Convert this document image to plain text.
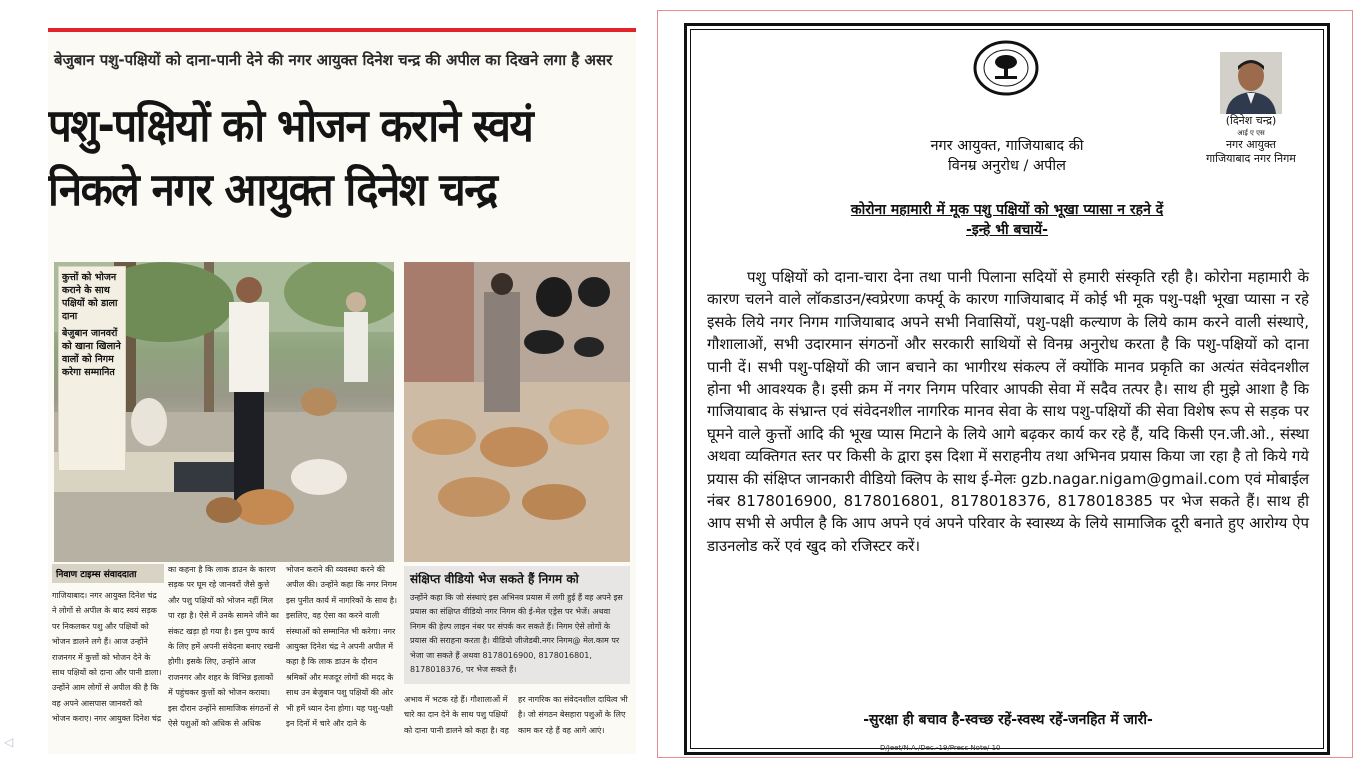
बेजुबान पशु-पक्षियों को दाना-पानी देने की नगर आयुक्त दिनेश चन्द्र की अपील का दिखने लगा है असर
पशु-पक्षियों को भोजन कराने स्वयं
निकले नगर आयुक्त दिनेश चन्द्र
कुत्तों को भोजन कराने के साथ पक्षियों को डाला दाना
बेजुबान जानवरों को खाना खिलाने वालों को निगम करेगा सम्मानित
निवाण टाइम्स संवाददाता

गाजियाबाद। नगर आयुक्त दिनेश चंद्र ने लोगों से अपील के बाद स्वयं सड़क पर निकलकर पशु और पक्षियों को भोजन डालने लगे हैं। आज उन्होंने राजनगर में कुत्तों को भोजन देने के साथ पक्षियों को दाना और पानी डाला। उन्होंने आम लोगों से अपील की है कि वह अपने आसपास जानवरों को भोजन कराए। नगर आयुक्त दिनेश चंद्र

का कहना है कि लाक डाउन के कारण सड़क पर घूम रहे जानवरों जैसे कुत्ते और पशु पक्षियों को भोजन नहीं मिल पा रहा है। ऐसे में उनके सामने जीने का संकट खड़ा हो गया है। इस पुण्य कार्य के लिए हमें अपनी संवेदना बनाए रखनी होगी। इसके लिए, उन्होंने आज राजनगर और शहर के विभिन्न इलाकों में पहुंचकर कुत्तों को भोजन कराया। इस दौरान उन्होंने सामाजिक संगठनों से ऐसे पशुओं को अधिक से अधिक

भोजन कराने की व्यवस्था करने की अपील की। उन्होंने कहा कि नगर निगम इस पुनीत कार्य में नागरिकों के साथ है। इसलिए, वह ऐसा का करने वाली संस्थाओं को सम्मानित भी करेगा। नगर आयुक्त दिनेश चंद्र ने अपनी अपील में कहा है कि लाक डाउन के दौरान श्रमिकों और मजदूर लोगों की मदद के साथ उन बेजुबान पशु पक्षियों की ओर भी हमें ध्यान देना होगा। यह पशु-पक्षी इन दिनों में चारे और दाने के

संक्षिप्त वीडियो भेज सकते हैं निगम को
उन्होंने कहा कि जो संस्थाएं इस अभिनव प्रयास में लगी हुई हैं वह अपने इस प्रयास का संक्षिप्त वीडियो नगर निगम की ई-मेल एड्रेस पर भेजें। अथवा निगम की हेल्प लाइन नंबर पर संपर्क कर सकते हैं। निगम ऐसे लोगों के प्रयास की सराहना करता है। वीडियो जीजेडबी.नगर निगम@ मेल.काम पर भेजा जा सकते हैं अथवा 8178016900, 8178016801, 8178018376, पर भेज सकते हैं।

अभाव में भटक रहे हैं। गौशालाओं में चारे का दान देने के साथ पशु पक्षियों को दाना पानी डालने को कहा है। वह

हर नागरिक का संवेदनशील दायित्व भी है। जो संगठन बेसहारा पशुओं के लिए काम कर रहे हैं वह आगे आएं।

(दिनेश चन्द्र)
आई ए एस
नगर आयुक्त
गाजियाबाद नगर निगम
नगर आयुक्त, गाजियाबाद की
विनम्र अनुरोध / अपील
कोरोना महामारी में मूक पशु पक्षियों को भूखा प्यासा न रहने दें
-इन्हे भी बचायें-

पशु पक्षियों को दाना-चारा देना तथा पानी पिलाना सदियों से हमारी संस्कृति रही है। कोरोना महामारी के कारण चलने वाले लॉकडाउन/स्वप्रेरणा कर्फ्यू के कारण गाजियाबाद में कोई भी मूक पशु-पक्षी भूखा प्यासा न रहे इसके लिये नगर निगम गाजियाबाद अपने सभी निवासियों, पशु-पक्षी कल्याण के लिये काम करने वाली संस्थाऐ, गौशालाओं, सभी उदारमान संगठनों और सरकारी साथियों से विनम्र अनुरोध करता है कि पशु-पक्षियों को दाना पानी दें। सभी पशु-पक्षियों की जान बचाने का भागीरथ संकल्प लें क्योंकि मानव प्रकृति का अत्यंत संवेदनशील होना भी आवश्यक है। इसी क्रम में नगर निगम परिवार आपकी सेवा में सदैव तत्पर है। साथ ही मुझे आशा है कि गाजियाबाद के संभ्रान्त एवं संवेदनशील नागरिक मानव सेवा के साथ पशु-पक्षियों की सेवा विशेष रूप से सड़क पर घूमने वाले कुत्तों आदि की भूख प्यास मिटाने के लिये आगे बढ़कर कार्य कर रहे हैं, यदि किसी एन.जी.ओ., संस्था अथवा व्यक्तिगत स्तर पर किसी के द्वारा इस दिशा में सराहनीय तथा अभिनव प्रयास किया जा रहा है तो किये गये प्रयास की संक्षिप्त जानकारी वीडियो क्लिप के साथ ई-मेलः gzb.nagar.nigam@gmail.com एवं मोबाईल नंबर 8178016900, 8178016801, 8178018376, 8178018385 पर भेज सकते हैं। साथ ही आप सभी से अपील है कि आप अपने एवं अपने परिवार के स्वास्थ्य के लिये सामाजिक दूरी बनाते हुए आरोग्य ऐप डाउनलोड करें एवं खुद को रजिस्टर करें।

-सुरक्षा ही बचाव है-स्वच्छ रहें-स्वस्थ रहें-जनहित में जारी-
D/Jeet/N.A./Dec.-19/Press Note/ 10
◁
